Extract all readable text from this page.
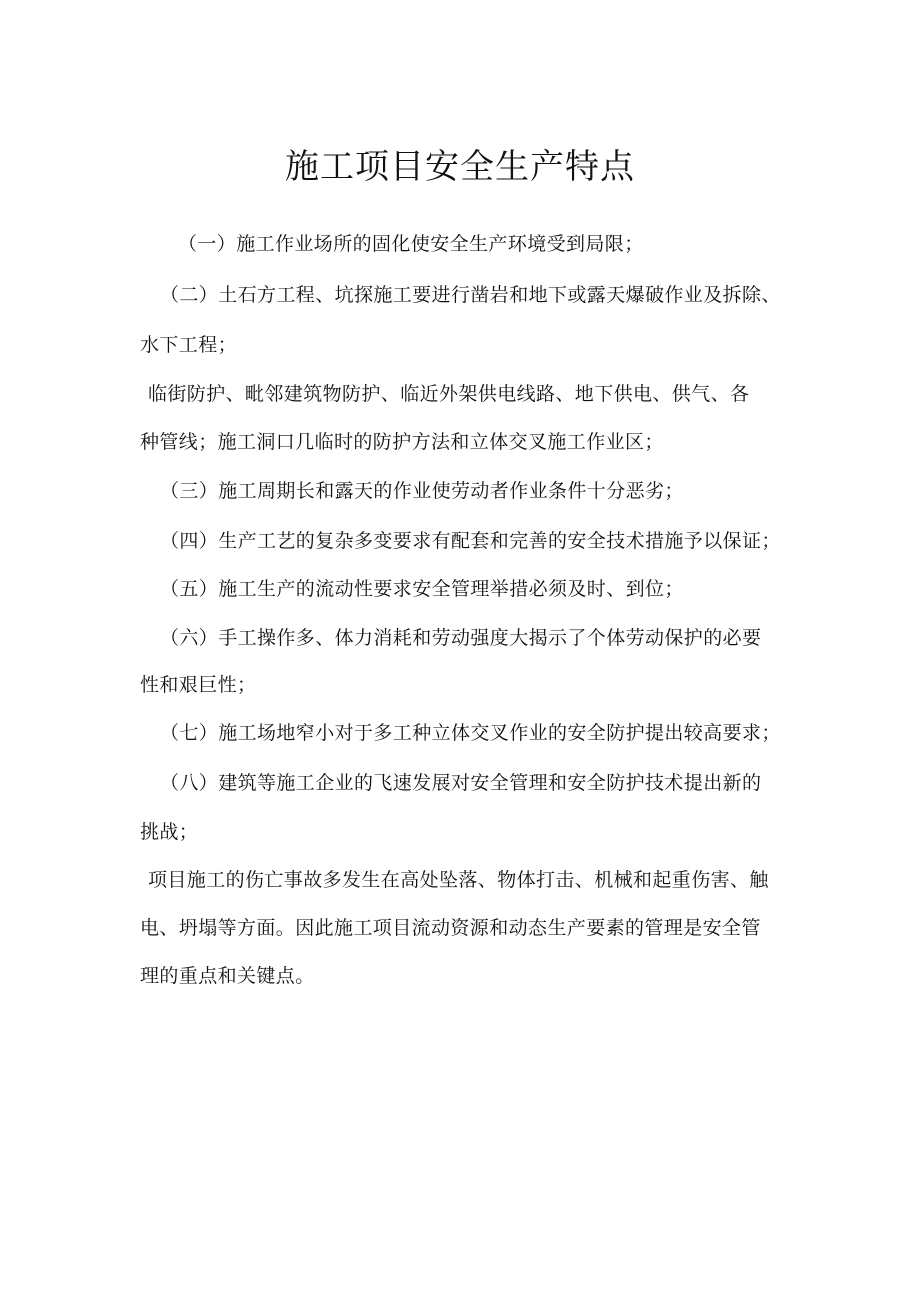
施工项目安全生产特点
（一）施工作业场所的固化使安全生产环境受到局限；
（二）土石方工程、坑探施工要进行凿岩和地下或露天爆破作业及拆除、
水下工程；
临街防护、毗邻建筑物防护、临近外架供电线路、地下供电、供气、各
种管线；施工洞口几临时的防护方法和立体交叉施工作业区；
（三）施工周期长和露天的作业使劳动者作业条件十分恶劣；
（四）生产工艺的复杂多变要求有配套和完善的安全技术措施予以保证；
（五）施工生产的流动性要求安全管理举措必须及时、到位；
（六）手工操作多、体力消耗和劳动强度大揭示了个体劳动保护的必要
性和艰巨性；
（七）施工场地窄小对于多工种立体交叉作业的安全防护提出较高要求；
（八）建筑等施工企业的飞速发展对安全管理和安全防护技术提出新的
挑战；
项目施工的伤亡事故多发生在高处坠落、物体打击、机械和起重伤害、触
电、坍塌等方面。因此施工项目流动资源和动态生产要素的管理是安全管
理的重点和关键点。
